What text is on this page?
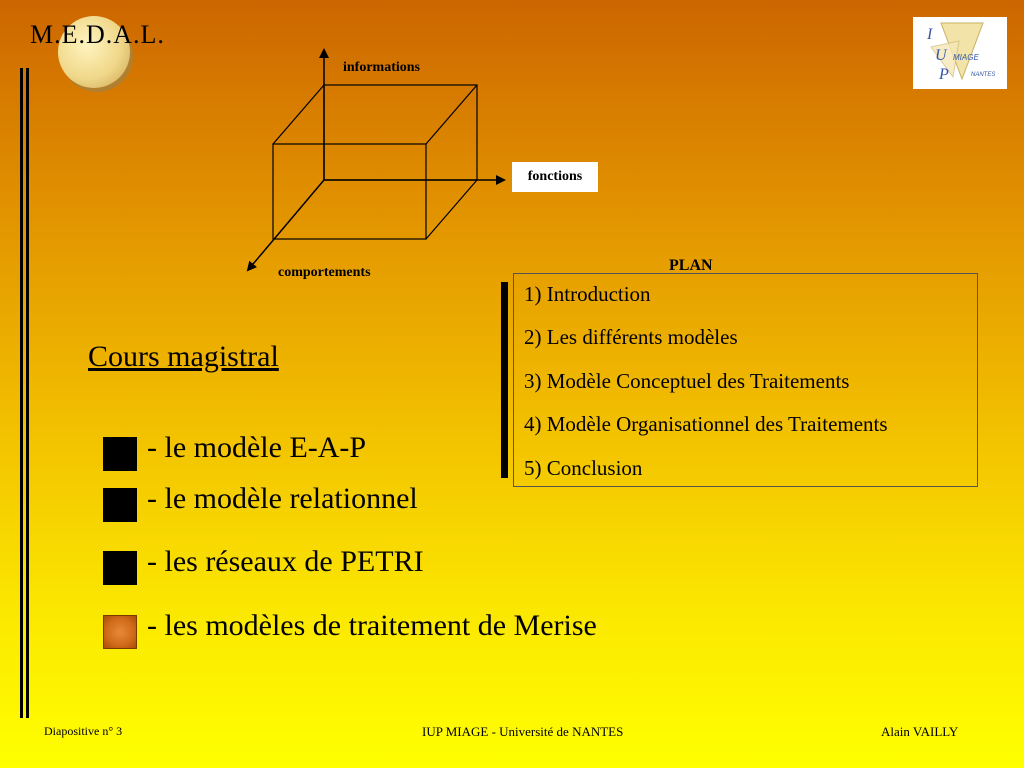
M.E.D.A.L.	I
U
P
MIAGE
NANTES
informations
fonctions
comportements	PLAN
1) Introduction
2) Les différents modèles
3) Modèle Conceptuel des Traitements
4) Modèle Organisationnel des Traitements
5) Conclusion
Cours magistral
- le modèle E-A-P
- le modèle relationnel
- les réseaux de PETRI
- les modèles de traitement de Merise
Diapositive n° 3	IUP MIAGE - Université de NANTES	Alain VAILLY
